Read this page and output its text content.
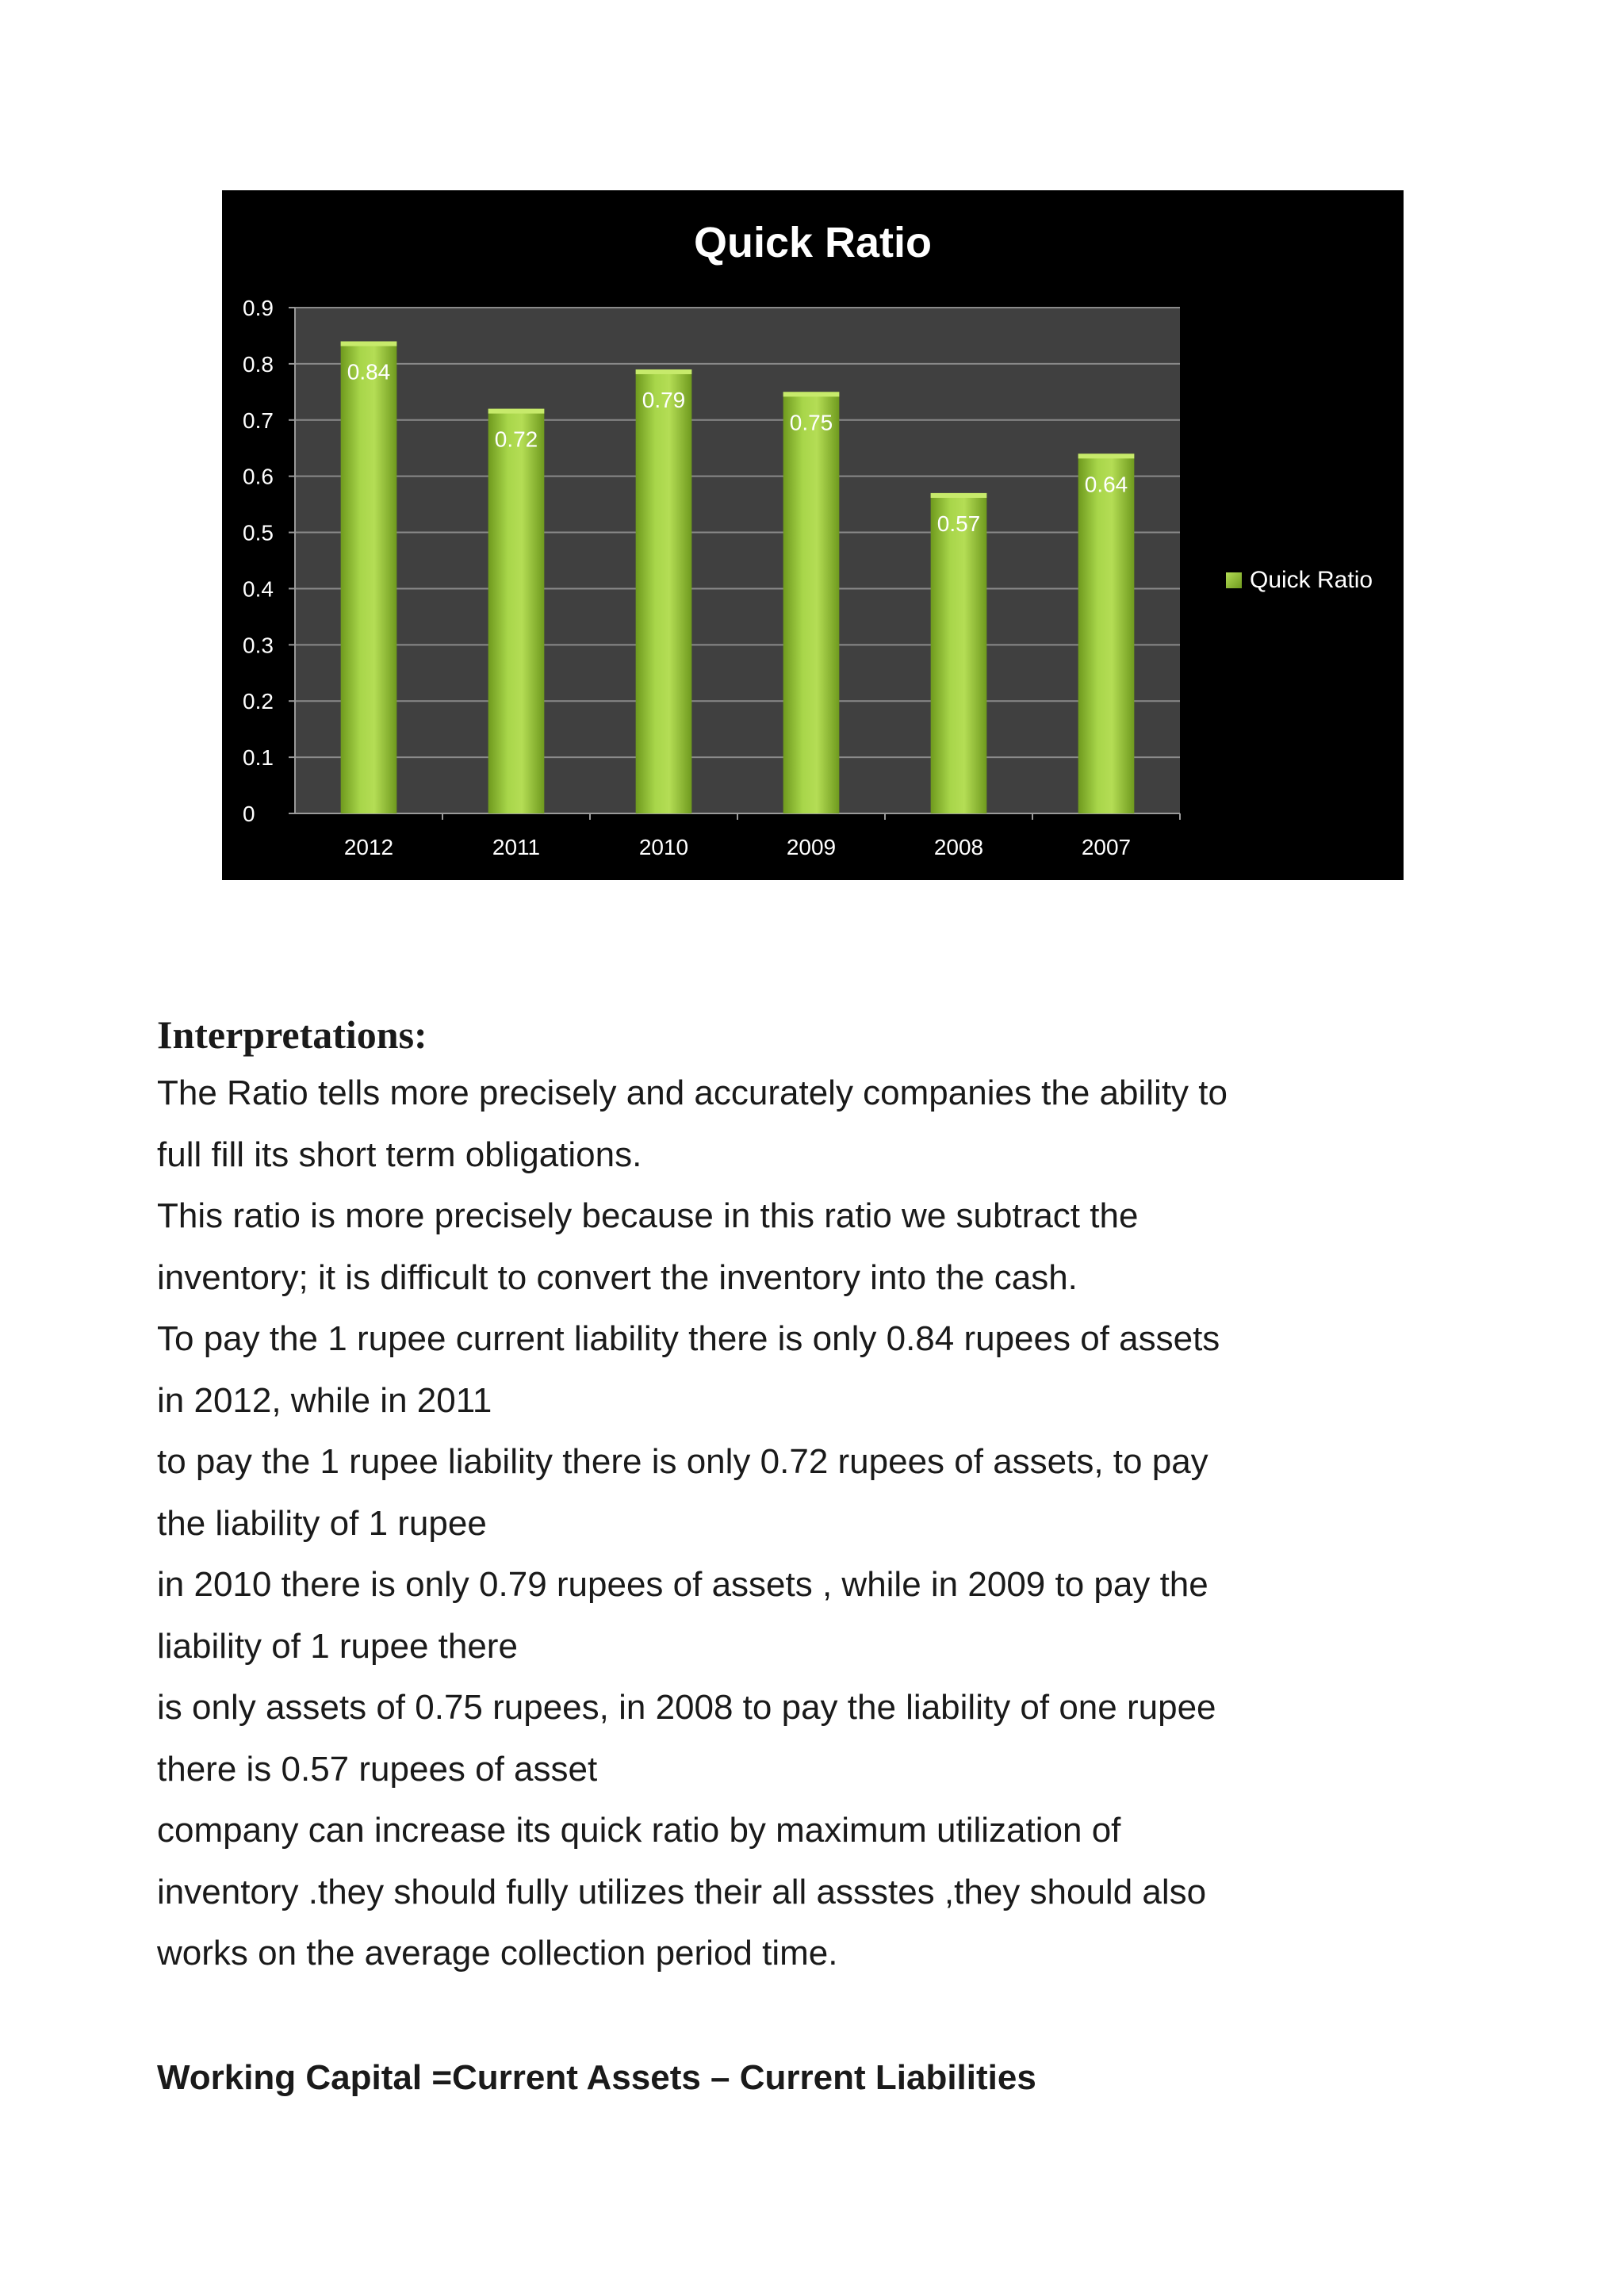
Quick Ratio
0
0.1
0.2
0.3
0.4
0.5
0.6
0.7
0.8
0.9
0.84
2012
0.72
2011
0.79
2010
0.75
2009
0.57
2008
0.64
2007
Quick Ratio

Interpretations:

The Ratio tells more precisely and accurately companies the ability to

full fill its short term obligations.

This ratio is more precisely because in this ratio we subtract the

inventory; it is difficult to convert the inventory into the cash.

To pay the 1 rupee current liability there is only 0.84 rupees of assets

in 2012, while in 2011

to pay the 1 rupee liability there is only 0.72 rupees of assets, to pay

the liability of 1 rupee

in 2010 there is only 0.79 rupees of assets , while in 2009 to pay the

liability of 1 rupee there

is only assets of 0.75 rupees, in 2008 to pay the liability of one rupee

there is 0.57 rupees of asset

company can increase its quick ratio by maximum utilization of

inventory .they should fully utilizes their all assstes ,they should also

works on the average collection period time.

Working Capital =Current Assets – Current Liabilities
